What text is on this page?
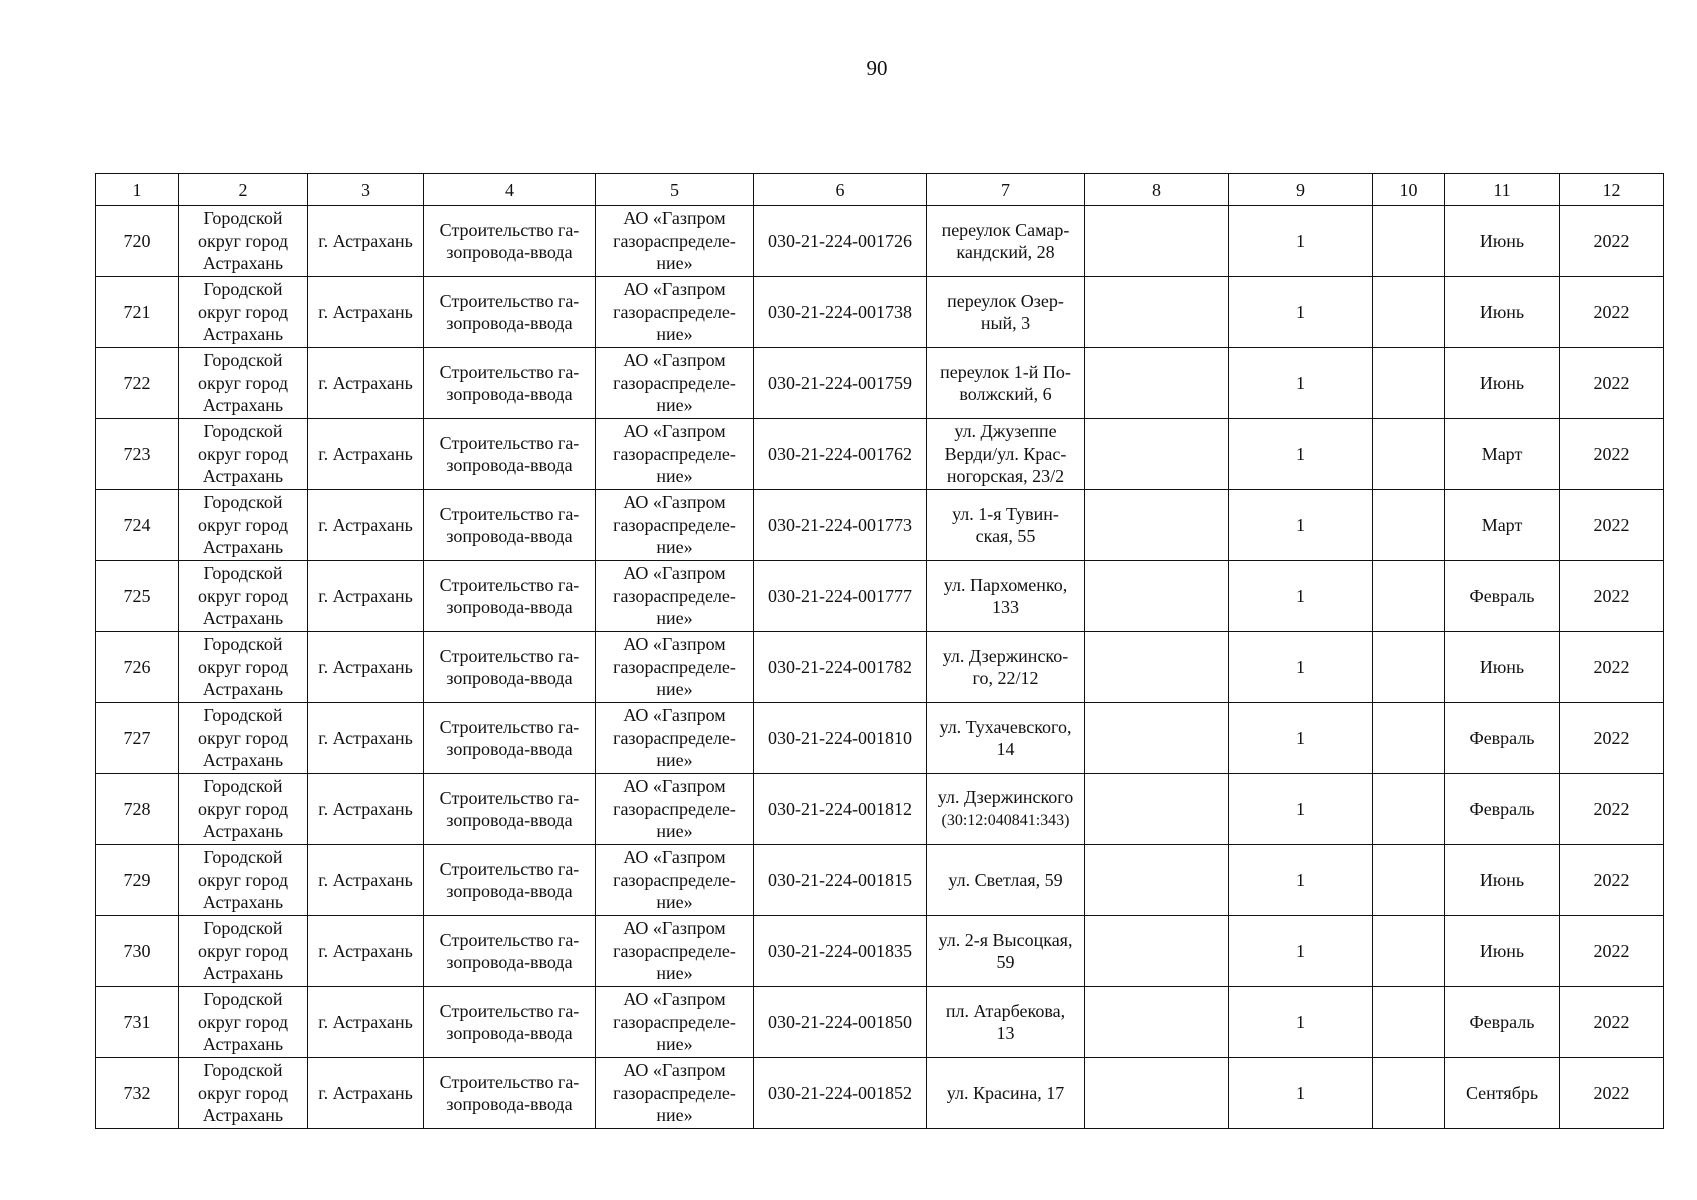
90
1	2	3	4	5	6	7	8	9	10	11	12
720	Городской
округ город
Астрахань	г. Астрахань	Строительство га-
зопровода-ввода	АО «Газпром
газораспределе-
ние»	030-21-224-001726	переулок Самар-
кандский, 28		1		Июнь	2022
721	Городской
округ город
Астрахань	г. Астрахань	Строительство га-
зопровода-ввода	АО «Газпром
газораспределе-
ние»	030-21-224-001738	переулок Озер-
ный, 3		1		Июнь	2022
722	Городской
округ город
Астрахань	г. Астрахань	Строительство га-
зопровода-ввода	АО «Газпром
газораспределе-
ние»	030-21-224-001759	переулок 1-й По-
волжский, 6		1		Июнь	2022
723	Городской
округ город
Астрахань	г. Астрахань	Строительство га-
зопровода-ввода	АО «Газпром
газораспределе-
ние»	030-21-224-001762	ул. Джузеппе
Верди/ул. Крас-
ногорская, 23/2		1		Март	2022
724	Городской
округ город
Астрахань	г. Астрахань	Строительство га-
зопровода-ввода	АО «Газпром
газораспределе-
ние»	030-21-224-001773	ул. 1-я Тувин-
ская, 55		1		Март	2022
725	Городской
округ город
Астрахань	г. Астрахань	Строительство га-
зопровода-ввода	АО «Газпром
газораспределе-
ние»	030-21-224-001777	ул. Пархоменко,
133		1		Февраль	2022
726	Городской
округ город
Астрахань	г. Астрахань	Строительство га-
зопровода-ввода	АО «Газпром
газораспределе-
ние»	030-21-224-001782	ул. Дзержинско-
го, 22/12		1		Июнь	2022
727	Городской
округ город
Астрахань	г. Астрахань	Строительство га-
зопровода-ввода	АО «Газпром
газораспределе-
ние»	030-21-224-001810	ул. Тухачевского,
14		1		Февраль	2022
728	Городской
округ город
Астрахань	г. Астрахань	Строительство га-
зопровода-ввода	АО «Газпром
газораспределе-
ние»	030-21-224-001812	ул. Дзержинского
(30:12:040841:343)		1		Февраль	2022
729	Городской
округ город
Астрахань	г. Астрахань	Строительство га-
зопровода-ввода	АО «Газпром
газораспределе-
ние»	030-21-224-001815	ул. Светлая, 59		1		Июнь	2022
730	Городской
округ город
Астрахань	г. Астрахань	Строительство га-
зопровода-ввода	АО «Газпром
газораспределе-
ние»	030-21-224-001835	ул. 2-я Высоцкая,
59		1		Июнь	2022
731	Городской
округ город
Астрахань	г. Астрахань	Строительство га-
зопровода-ввода	АО «Газпром
газораспределе-
ние»	030-21-224-001850	пл. Атарбекова,
13		1		Февраль	2022
732	Городской
округ город
Астрахань	г. Астрахань	Строительство га-
зопровода-ввода	АО «Газпром
газораспределе-
ние»	030-21-224-001852	ул. Красина, 17		1		Сентябрь	2022
